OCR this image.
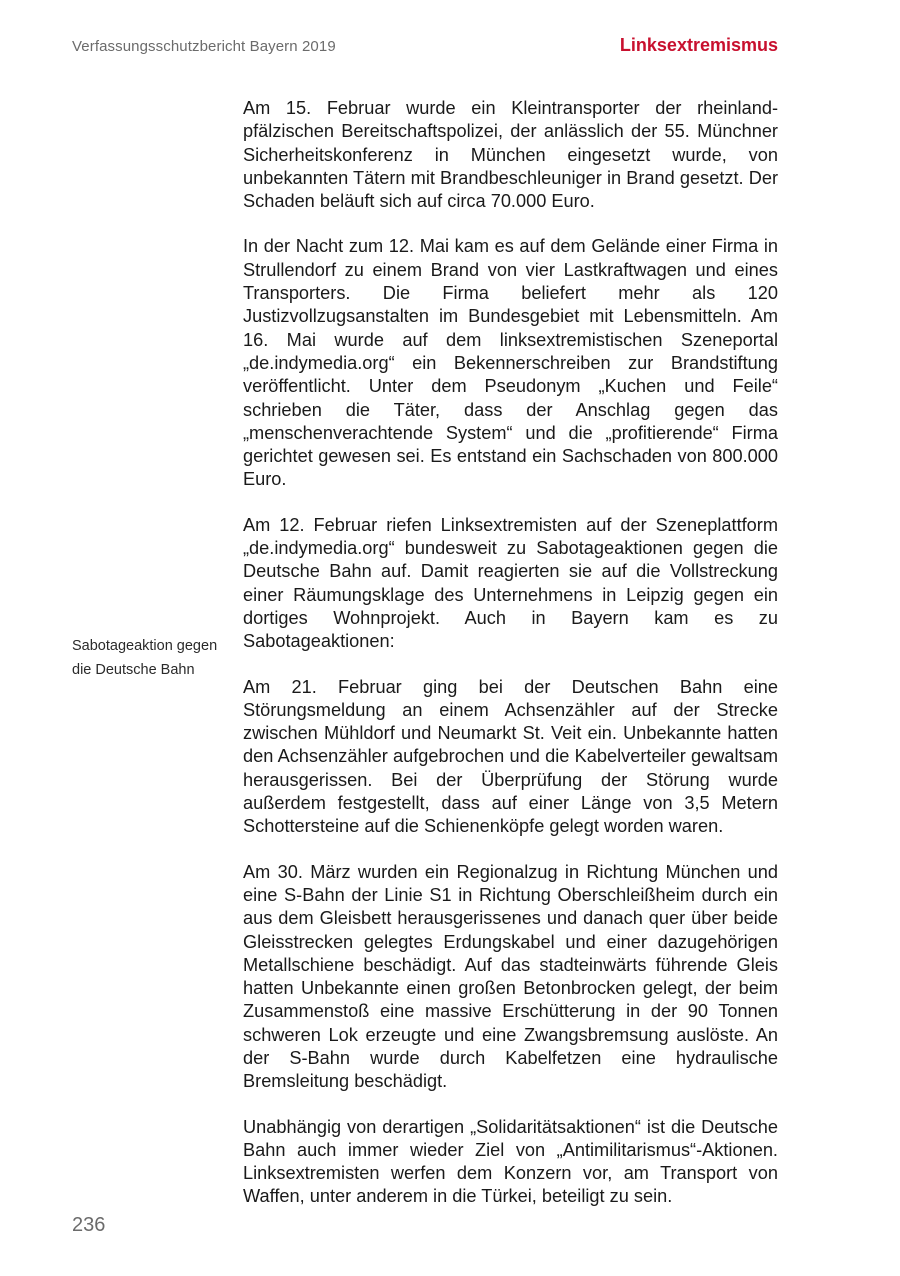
Verfassungsschutzbericht Bayern 2019	Linksextremismus
Sabotageaktion gegen die Deutsche Bahn

Am 15. Februar wurde ein Kleintransporter der rheinland-pfälzischen Bereitschaftspolizei, der anlässlich der 55. Münchner Sicherheitskonferenz in München eingesetzt wurde, von unbekannten Tätern mit Brandbeschleuniger in Brand gesetzt. Der Schaden beläuft sich auf circa 70.000 Euro.

In der Nacht zum 12. Mai kam es auf dem Gelände einer Firma in Strullendorf zu einem Brand von vier Lastkraftwagen und eines Transporters. Die Firma beliefert mehr als 120 Justizvollzugsanstalten im Bundesgebiet mit Lebensmitteln. Am 16. Mai wurde auf dem linksextremistischen Szeneportal „de.indymedia.org“ ein Bekennerschreiben zur Brandstiftung veröffentlicht. Unter dem Pseudonym „Kuchen und Feile“ schrieben die Täter, dass der Anschlag gegen das „menschenverachtende System“ und die „profitierende“ Firma gerichtet gewesen sei. Es entstand ein Sachschaden von 800.000 Euro.

Am 12. Februar riefen Linksextremisten auf der Szeneplattform „de.indymedia.org“ bundesweit zu Sabotageaktionen gegen die Deutsche Bahn auf. Damit reagierten sie auf die Vollstreckung einer Räumungsklage des Unternehmens in Leipzig gegen ein dortiges Wohnprojekt. Auch in Bayern kam es zu Sabotageaktionen:

Am 21. Februar ging bei der Deutschen Bahn eine Störungsmeldung an einem Achsenzähler auf der Strecke zwischen Mühldorf und Neumarkt St. Veit ein. Unbekannte hatten den Achsenzähler aufgebrochen und die Kabelverteiler gewaltsam herausgerissen. Bei der Überprüfung der Störung wurde außerdem festgestellt, dass auf einer Länge von 3,5 Metern Schottersteine auf die Schienenköpfe gelegt worden waren.

Am 30. März wurden ein Regionalzug in Richtung München und eine S-Bahn der Linie S1 in Richtung Oberschleißheim durch ein aus dem Gleisbett herausgerissenes und danach quer über beide Gleisstrecken gelegtes Erdungskabel und einer dazugehörigen Metallschiene beschädigt. Auf das stadteinwärts führende Gleis hatten Unbekannte einen großen Betonbrocken gelegt, der beim Zusammenstoß eine massive Erschütterung in der 90 Tonnen schweren Lok erzeugte und eine Zwangsbremsung auslöste. An der S-Bahn wurde durch Kabelfetzen eine hydraulische Bremsleitung beschädigt.

Unabhängig von derartigen „Solidaritätsaktionen“ ist die Deutsche Bahn auch immer wieder Ziel von „Antimilitarismus“-Aktionen. Linksextremisten werfen dem Konzern vor, am Transport von Waffen, unter anderem in die Türkei, beteiligt zu sein.

236
